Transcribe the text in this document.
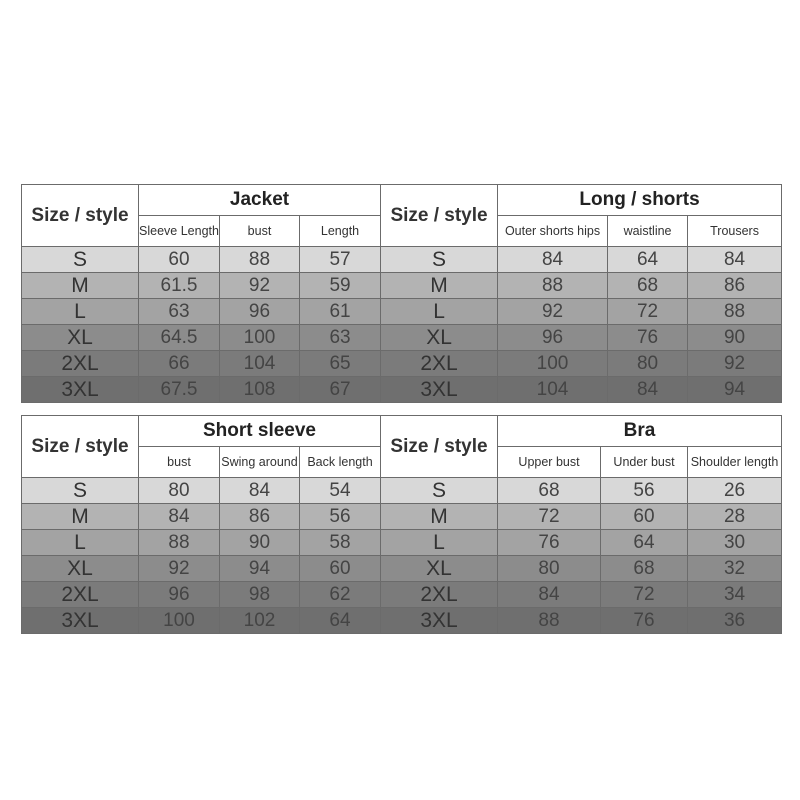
Size / style	Jacket			Size / style	Long / shorts		
	Sleeve Length	bust	Length		Outer shorts hips	waistline	Trousers
S	60	88	57	S	84	64	84
M	61.5	92	59	M	88	68	86
L	63	96	61	L	92	72	88
XL	64.5	100	63	XL	96	76	90
2XL	66	104	65	2XL	100	80	92
3XL	67.5	108	67	3XL	104	84	94
Size / style	Short sleeve			Size / style	Bra		
	bust	Swing around	Back length		Upper bust	Under bust	Shoulder length
S	80	84	54	S	68	56	26
M	84	86	56	M	72	60	28
L	88	90	58	L	76	64	30
XL	92	94	60	XL	80	68	32
2XL	96	98	62	2XL	84	72	34
3XL	100	102	64	3XL	88	76	36
